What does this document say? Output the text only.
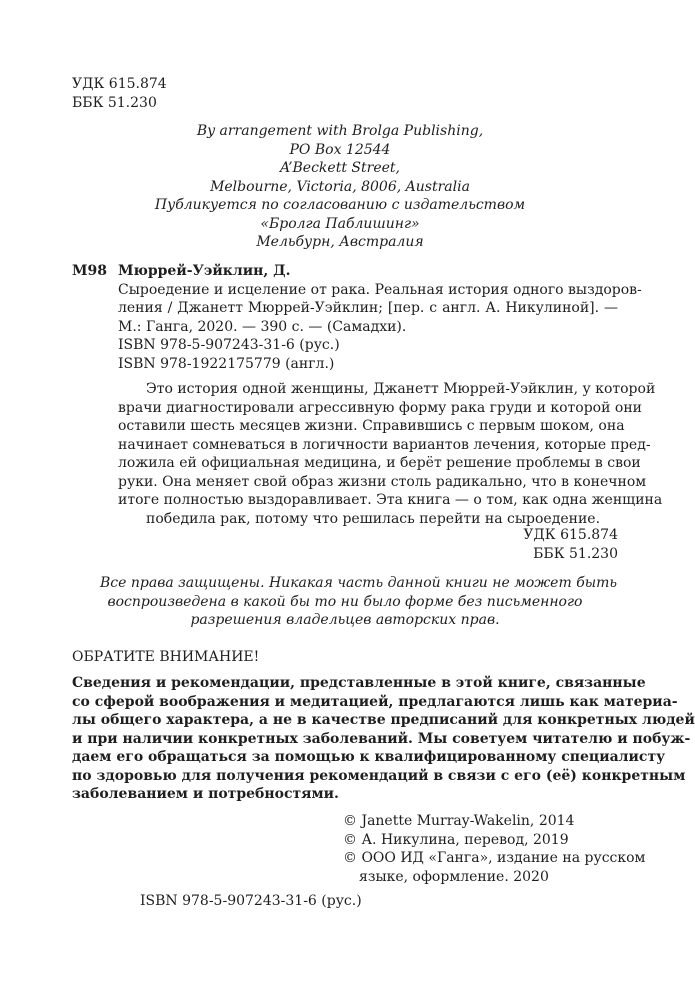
УДК 615.874
ББК 51.230
By arrangement with Brolga Publishing,
PO Box 12544
A’Beckett Street,
Melbourne, Victoria, 8006, Australia
Публикуется по согласованию с издательством
«Бролга Паблишинг»
Мельбурн, Австралия
М98 Мюррей-Уэйклин, Д.
Сыроедение и исцеление от рака. Реальная история одного выздоров-
ления / Джанетт Мюррей-Уэйклин; [пер. с англ. А. Никулиной]. —
М.: Ганга, 2020. — 390 с. — (Самадхи).
ISBN 978-5-907243-31-6 (рус.)
ISBN 978-1922175779 (англ.)
Это история одной женщины, Джанетт Мюррей-Уэйклин, у которой
врачи диагностировали агрессивную форму рака груди и которой они
оставили шесть месяцев жизни. Справившись с первым шоком, она
начинает сомневаться в логичности вариантов лечения, которые пред-
ложила ей официальная медицина, и берёт решение проблемы в свои
руки. Она меняет свой образ жизни столь радикально, что в конечном
итоге полностью выздоравливает. Эта книга — о том, как одна женщина
победила рак, потому что решилась перейти на сыроедение.
УДК 615.874
ББК 51.230
Все права защищены. Никакая часть данной книги не может быть
воспроизведена в какой бы то ни было форме без письменного
разрешения владельцев авторских прав.
ОБРАТИТЕ ВНИМАНИЕ!
Сведения и рекомендации, представленные в этой книге, связанные
со сферой воображения и медитацией, предлагаются лишь как материа-
лы общего характера, а не в качестве предписаний для конкретных людей
и при наличии конкретных заболеваний. Мы советуем читателю и побуж-
даем его обращаться за помощью к квалифицированному специалисту
по здоровью для получения рекомендаций в связи с его (её) конкретным
заболеванием и потребностями.
© Janette Murray-Wakelin, 2014
© А. Никулина, перевод, 2019
© ООО ИД «Ганга», издание на русском
языке, оформление. 2020
ISBN 978-5-907243-31-6 (рус.)
